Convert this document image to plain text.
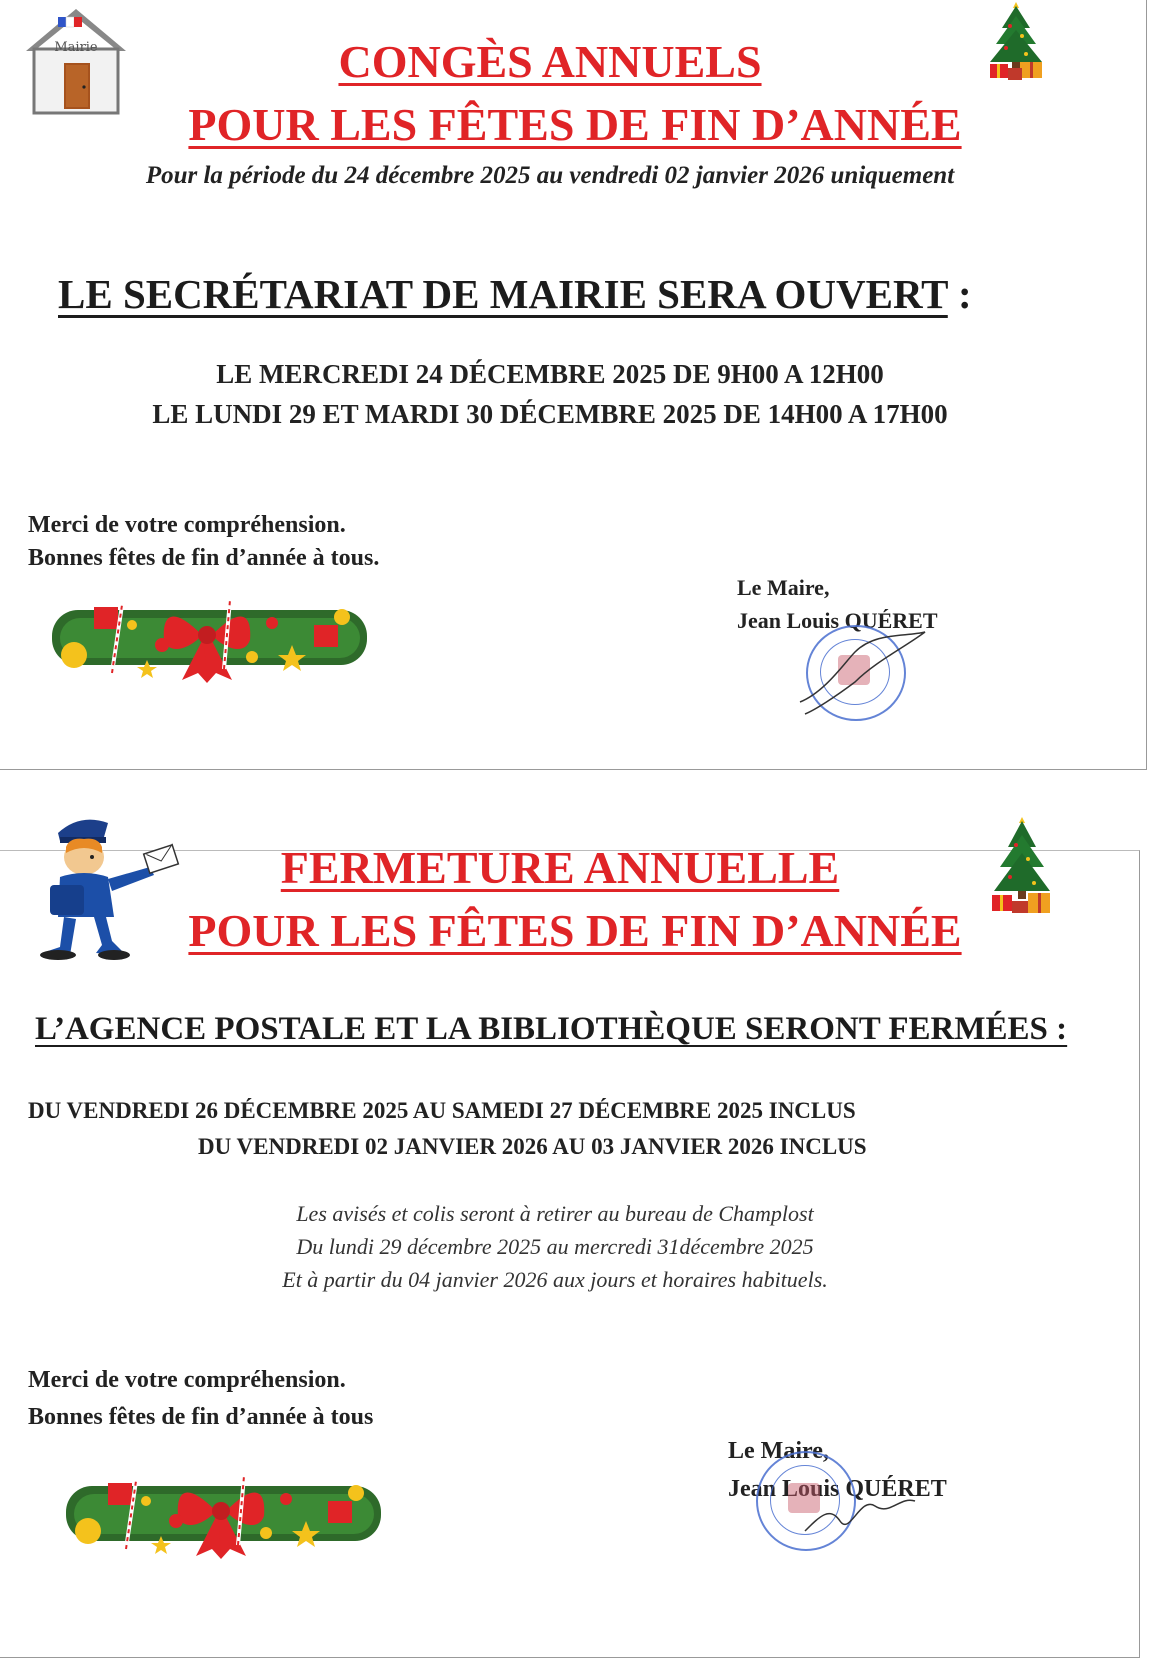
Mairie	CONGÈS ANNUELS
POUR LES FÊTES DE FIN D’ANNÉE
Pour la période du 24 décembre 2025 au vendredi 02 janvier 2026 uniquement
LE SECRÉTARIAT DE MAIRIE SERA OUVERT :
LE MERCREDI 24 DÉCEMBRE 2025 DE 9H00 A 12H00
LE LUNDI 29 ET MARDI 30 DÉCEMBRE 2025 DE 14H00 A 17H00
Merci de votre compréhension.
Bonnes fêtes de fin d’année à tous.
Le Maire,
Jean Louis QUÉRET
FERMETURE ANNUELLE
POUR LES FÊTES DE FIN D’ANNÉE
L’AGENCE POSTALE ET LA BIBLIOTHÈQUE SERONT FERMÉES :
DU VENDREDI 26 DÉCEMBRE 2025 AU SAMEDI 27 DÉCEMBRE 2025 INCLUS
DU VENDREDI 02 JANVIER 2026 AU 03 JANVIER 2026 INCLUS
Les avisés et colis seront à retirer au bureau de Champlost
Du lundi 29 décembre 2025 au mercredi 31décembre 2025
Et à partir du 04 janvier 2026 aux jours et horaires habituels.
Merci de votre compréhension.
Bonnes fêtes de fin d’année à tous
Le Maire,
Jean Louis QUÉRET
